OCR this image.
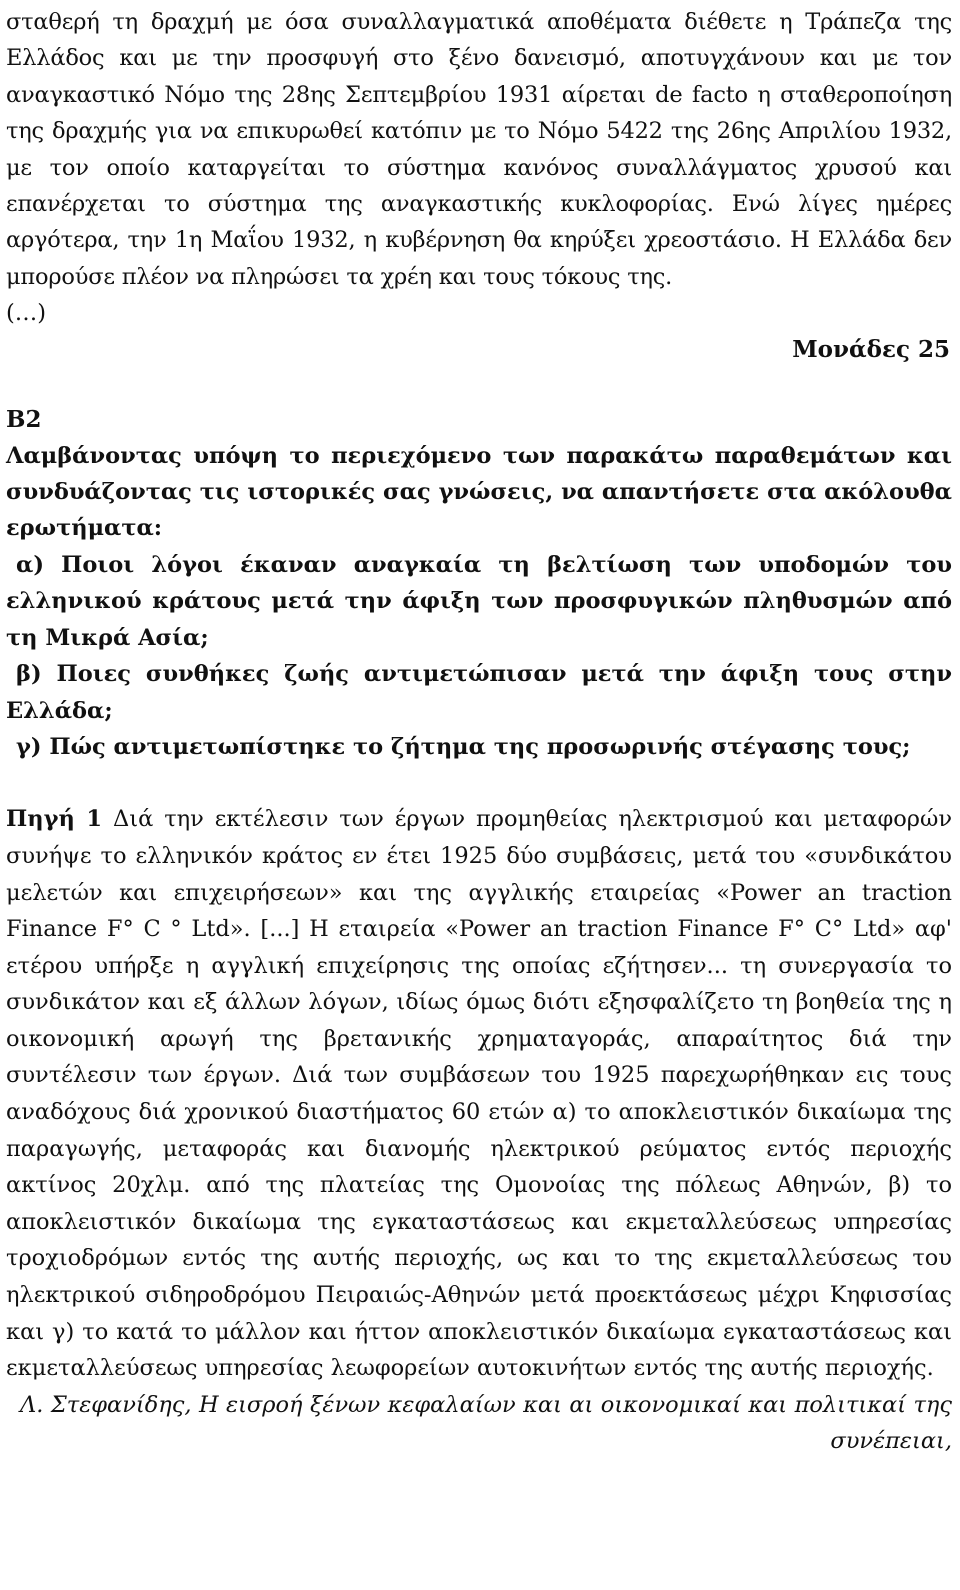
σταθερή τη δραχμή με όσα συναλλαγματικά αποθέματα διέθετε η Τράπεζα της Ελλάδος και με την προσφυγή στο ξένο δανεισμό, αποτυγχάνουν και με τον αναγκαστικό Νόμο της 28ης Σεπτεμβρίου 1931 αίρεται de facto η σταθεροποίηση της δραχμής για να επικυρωθεί κατόπιν με το Νόμο 5422 της 26ης Απριλίου 1932, με τον οποίο καταργείται το σύστημα κανόνος συναλλάγματος χρυσού και επανέρχεται το σύστημα της αναγκαστικής κυκλοφορίας. Ενώ λίγες ημέρες αργότερα, την 1η Μαΐου 1932, η κυβέρνηση θα κηρύξει χρεοστάσιο. Η Ελλάδα δεν μπορούσε πλέον να πληρώσει τα χρέη και τους τόκους της.

(…)

Μονάδες 25

Β2

Λαμβάνοντας υπόψη το περιεχόμενο των παρακάτω παραθεμάτων και συνδυάζοντας τις ιστορικές σας γνώσεις, να απαντήσετε στα ακόλουθα ερωτήματα:

α) Ποιοι λόγοι έκαναν αναγκαία τη βελτίωση των υποδομών του ελληνικού κράτους μετά την άφιξη των προσφυγικών πληθυσμών από τη Μικρά Ασία;

β) Ποιες συνθήκες ζωής αντιμετώπισαν μετά την άφιξη τους στην Ελλάδα;

γ) Πώς αντιμετωπίστηκε το ζήτημα της προσωρινής στέγασης τους;

Πηγή 1 Διά την εκτέλεσιν των έργων προμηθείας ηλεκτρισμού και μεταφορών συνήψε το ελληνικόν κράτος εν έτει 1925 δύο συμβάσεις, μετά του «συνδικάτου μελετών και επιχειρήσεων» και της αγγλικής εταιρείας «Power an traction Finance F° C ° Ltd». [...] Η εταιρεία «Power an traction Finance F° C° Ltd» αφ' ετέρου υπήρξε η αγγλική επιχείρησις της οποίας εζήτησεν... τη συνεργασία το συνδικάτον και εξ άλλων λόγων, ιδίως όμως διότι εξησφαλίζετο τη βοηθεία της η οικονομική αρωγή της βρετανικής χρηματαγοράς, απαραίτητος διά την συντέλεσιν των έργων. Διά των συμβάσεων του 1925 παρεχωρήθηκαν εις τους αναδόχους διά χρονικού διαστήματος 60 ετών α) το αποκλειστικόν δικαίωμα της παραγωγής, μεταφοράς και διανομής ηλεκτρικού ρεύματος εντός περιοχής ακτίνος 20χλμ. από της πλατείας της Ομονοίας της πόλεως Αθηνών, β) το αποκλειστικόν δικαίωμα της εγκαταστάσεως και εκμεταλλεύσεως υπηρεσίας τροχιοδρόμων εντός της αυτής περιοχής, ως και το της εκμεταλλεύσεως του ηλεκτρικού σιδηροδρόμου Πειραιώς-Αθηνών μετά προεκτάσεως μέχρι Κηφισσίας και γ) το κατά το μάλλον και ήττον αποκλειστικόν δικαίωμα εγκαταστάσεως και εκμεταλλεύσεως υπηρεσίας λεωφορείων αυτοκινήτων εντός της αυτής περιοχής.

Λ. Στεφανίδης, Η εισροή ξένων κεφαλαίων και αι οικονομικαί και πολιτικαί της συνέπειαι,
